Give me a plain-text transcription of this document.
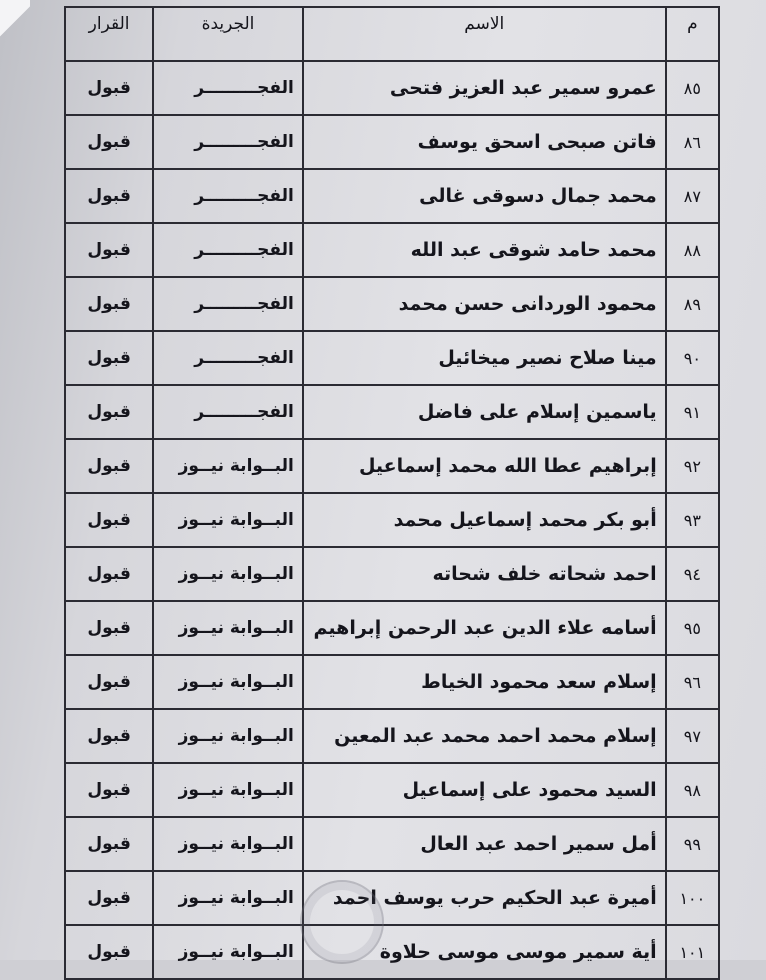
م	الاسم	الجريدة	القرار
٨٥	عمرو سمير عبد العزيز فتحى	الفجـــــــــر	قبول
٨٦	فاتن صبحى اسحق يوسف	الفجـــــــــر	قبول
٨٧	محمد جمال دسوقى غالى	الفجـــــــــر	قبول
٨٨	محمد حامد شوقى عبد الله	الفجـــــــــر	قبول
٨٩	محمود الوردانى حسن محمد	الفجـــــــــر	قبول
٩٠	مينا صلاح نصير ميخائيل	الفجـــــــــر	قبول
٩١	ياسمين إسلام على فاضل	الفجـــــــــر	قبول
٩٢	إبراهيم عطا الله محمد إسماعيل	البــوابة نيــوز	قبول
٩٣	أبو بكر محمد إسماعيل محمد	البــوابة نيــوز	قبول
٩٤	احمد شحاته خلف شحاته	البــوابة نيــوز	قبول
٩٥	أسامه علاء الدين عبد الرحمن إبراهيم	البــوابة نيــوز	قبول
٩٦	إسلام سعد محمود الخياط	البــوابة نيــوز	قبول
٩٧	إسلام محمد احمد محمد عبد المعين	البــوابة نيــوز	قبول
٩٨	السيد محمود على إسماعيل	البــوابة نيــوز	قبول
٩٩	أمل سمير احمد عبد العال	البــوابة نيــوز	قبول
١٠٠	أميرة عبد الحكيم حرب يوسف احمد	البــوابة نيــوز	قبول
١٠١	أية سمير موسى موسى حلاوة	البــوابة نيــوز	قبول
